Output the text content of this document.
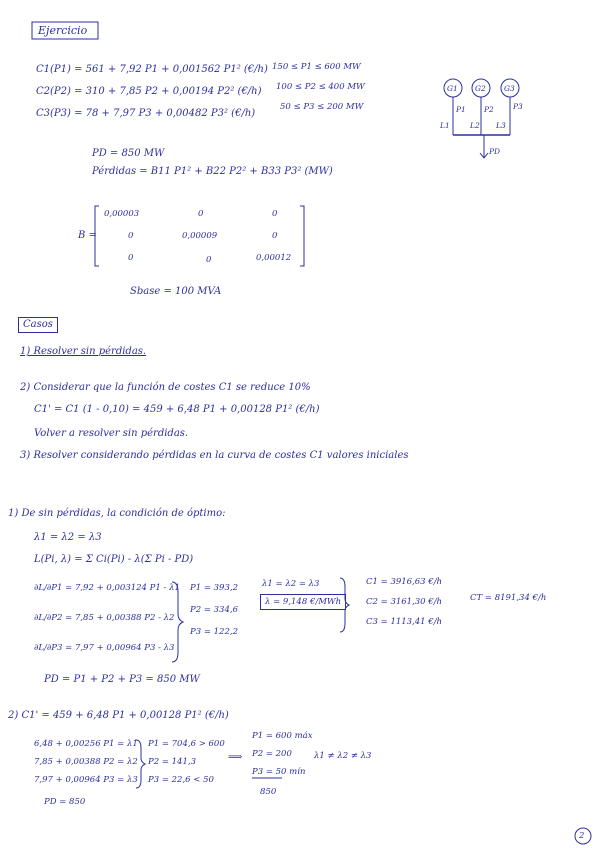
Ejercicio
C1(P1) = 561 + 7,92 P1 + 0,001562 P1² (€/h)
C2(P2) = 310 + 7,85 P2 + 0,00194 P2² (€/h)
C3(P3) = 78 + 7,97 P3 + 0,00482 P3² (€/h)
150 ≤ P1 ≤ 600 MW
100 ≤ P2 ≤ 400 MW
50 ≤ P3 ≤ 200 MW
G1 G2 G3
P1 P2	P3
L1	L2 L3
PD
PD = 850 MW
Pérdidas = B11 P1² + B22 P2² + B33 P3² (MW)
B =
0,00003	0	0
0	0,00009	0
0	0	0,00012
Sbase = 100 MVA
Casos
1) Resolver sin pérdidas.
2) Considerar que la función de costes C1 se reduce 10%
C1' = C1 (1 - 0,10) = 459 + 6,48 P1 + 0,00128 P1² (€/h)
Volver a resolver sin pérdidas.
3) Resolver considerando pérdidas en la curva de costes C1 valores iniciales
1) De sin pérdidas, la condición de óptimo:
λ1 = λ2 = λ3
L(Pi, λ) = Σ Ci(Pi) - λ(Σ Pi - PD)
∂L/∂P1 = 7,92 + 0,003124 P1 - λ1
∂L/∂P2 = 7,85 + 0,00388 P2 - λ2
∂L/∂P3 = 7,97 + 0,00964 P3 - λ3
P1 = 393,2
P2 = 334,6
P3 = 122,2
PD = P1 + P2 + P3 = 850 MW
λ1 = λ2 = λ3
λ = 9,148 €/MWh
C1 = 3916,63 €/h
C2 = 3161,30 €/h
C3 = 1113,41 €/h
CT = 8191,34 €/h
2) C1' = 459 + 6,48 P1 + 0,00128 P1² (€/h)
6,48 + 0,00256 P1 = λ1
7,85 + 0,00388 P2 = λ2
7,97 + 0,00964 P3 = λ3
PD = 850
P1 = 704,6 > 600
P2 = 141,3
P3 = 22,6 < 50
⟹
P1 = 600 máx
P2 = 200
P3 = 50 mín
850
λ1 ≠ λ2 ≠ λ3
2
